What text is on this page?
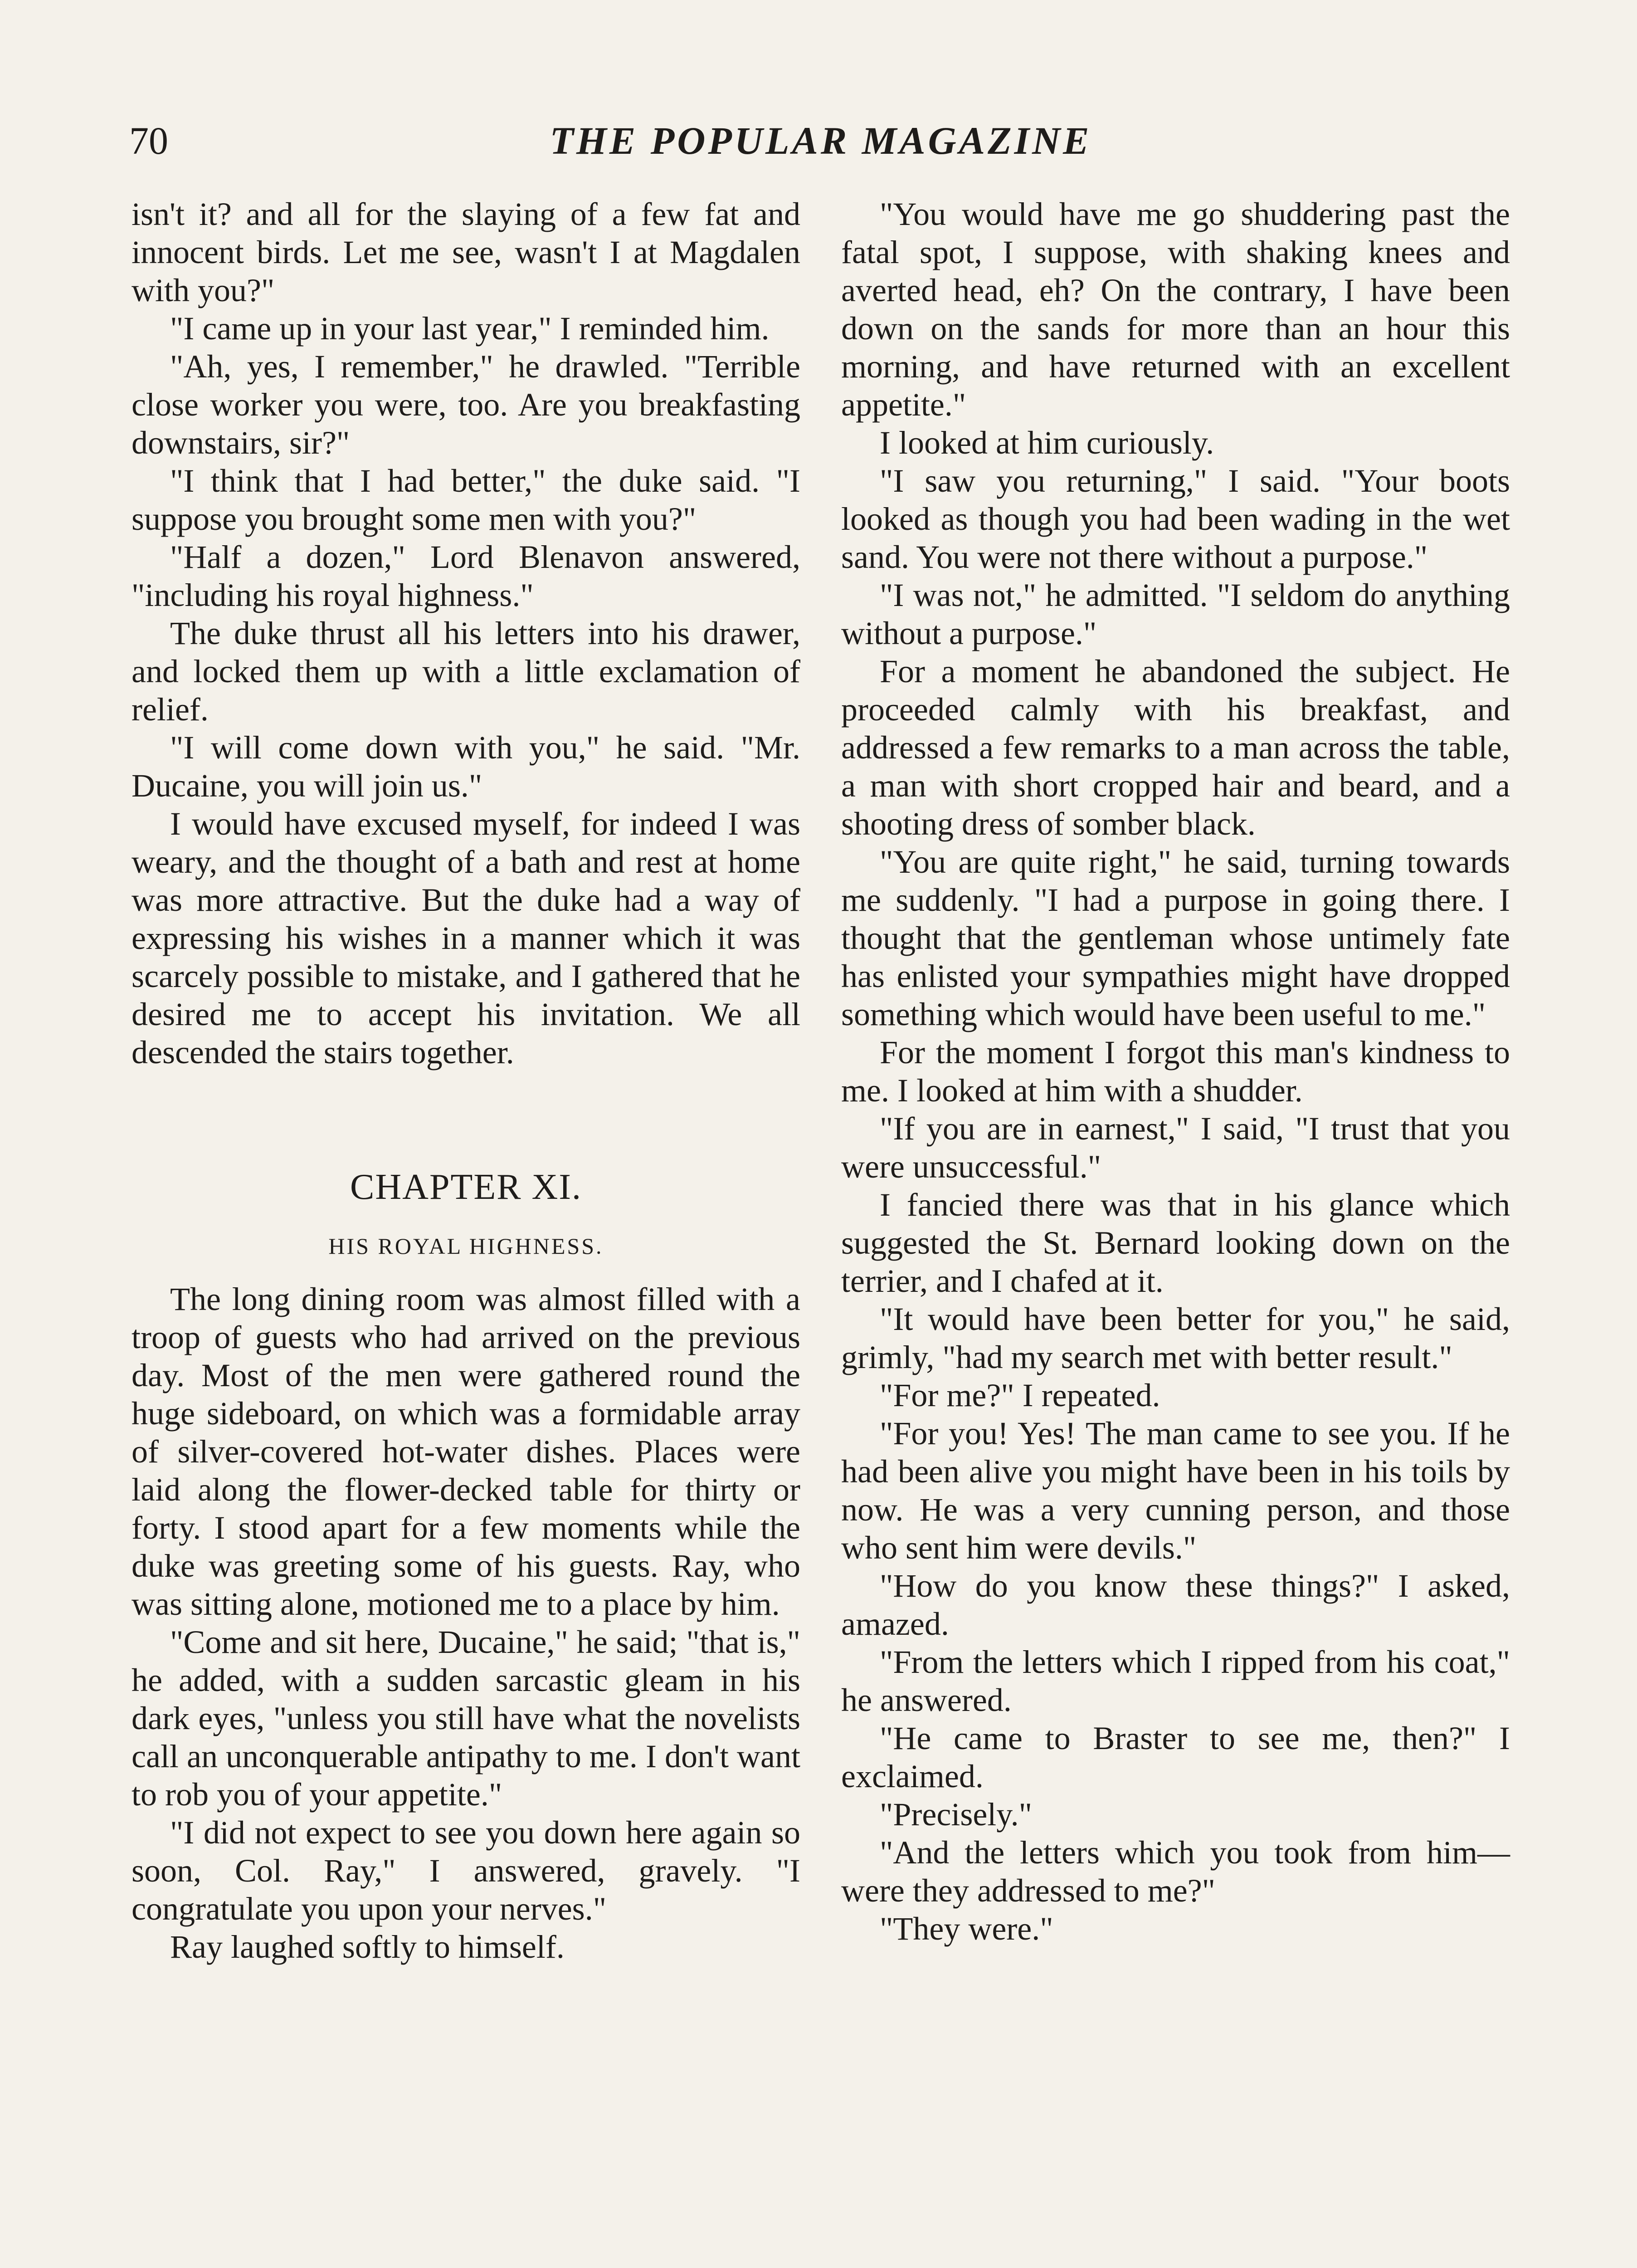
70	THE POPULAR MAGAZINE

isn't it? and all for the slaying of a few fat and innocent birds. Let me see, wasn't I at Magdalen with you?"

"I came up in your last year," I reminded him.

"Ah, yes, I remember," he drawled. "Terrible close worker you were, too. Are you breakfasting downstairs, sir?"

"I think that I had better," the duke said. "I suppose you brought some men with you?"

"Half a dozen," Lord Blenavon answered, "including his royal highness."

The duke thrust all his letters into his drawer, and locked them up with a little exclamation of relief.

"I will come down with you," he said. "Mr. Ducaine, you will join us."

I would have excused myself, for indeed I was weary, and the thought of a bath and rest at home was more attractive. But the duke had a way of expressing his wishes in a manner which it was scarcely possible to mistake, and I gathered that he desired me to accept his invitation. We all descended the stairs together.

CHAPTER XI.
HIS ROYAL HIGHNESS.

The long dining room was almost filled with a troop of guests who had arrived on the previous day. Most of the men were gathered round the huge sideboard, on which was a formidable array of silver-covered hot-water dishes. Places were laid along the flower-decked table for thirty or forty. I stood apart for a few moments while the duke was greeting some of his guests. Ray, who was sitting alone, motioned me to a place by him.

"Come and sit here, Ducaine," he said; "that is," he added, with a sudden sarcastic gleam in his dark eyes, "unless you still have what the novelists call an unconquerable antipathy to me. I don't want to rob you of your appetite."

"I did not expect to see you down here again so soon, Col. Ray," I answered, gravely. "I congratulate you upon your nerves."

Ray laughed softly to himself.

"You would have me go shuddering past the fatal spot, I suppose, with shaking knees and averted head, eh? On the contrary, I have been down on the sands for more than an hour this morning, and have returned with an excellent appetite."

I looked at him curiously.

"I saw you returning," I said. "Your boots looked as though you had been wading in the wet sand. You were not there without a purpose."

"I was not," he admitted. "I seldom do anything without a purpose."

For a moment he abandoned the subject. He proceeded calmly with his breakfast, and addressed a few remarks to a man across the table, a man with short cropped hair and beard, and a shooting dress of somber black.

"You are quite right," he said, turning towards me suddenly. "I had a purpose in going there. I thought that the gentleman whose untimely fate has enlisted your sympathies might have dropped something which would have been useful to me."

For the moment I forgot this man's kindness to me. I looked at him with a shudder.

"If you are in earnest," I said, "I trust that you were unsuccessful."

I fancied there was that in his glance which suggested the St. Bernard looking down on the terrier, and I chafed at it.

"It would have been better for you," he said, grimly, "had my search met with better result."

"For me?" I repeated.

"For you! Yes! The man came to see you. If he had been alive you might have been in his toils by now. He was a very cunning person, and those who sent him were devils."

"How do you know these things?" I asked, amazed.

"From the letters which I ripped from his coat," he answered.

"He came to Braster to see me, then?" I exclaimed.

"Precisely."

"And the letters which you took from him—were they addressed to me?"

"They were."
